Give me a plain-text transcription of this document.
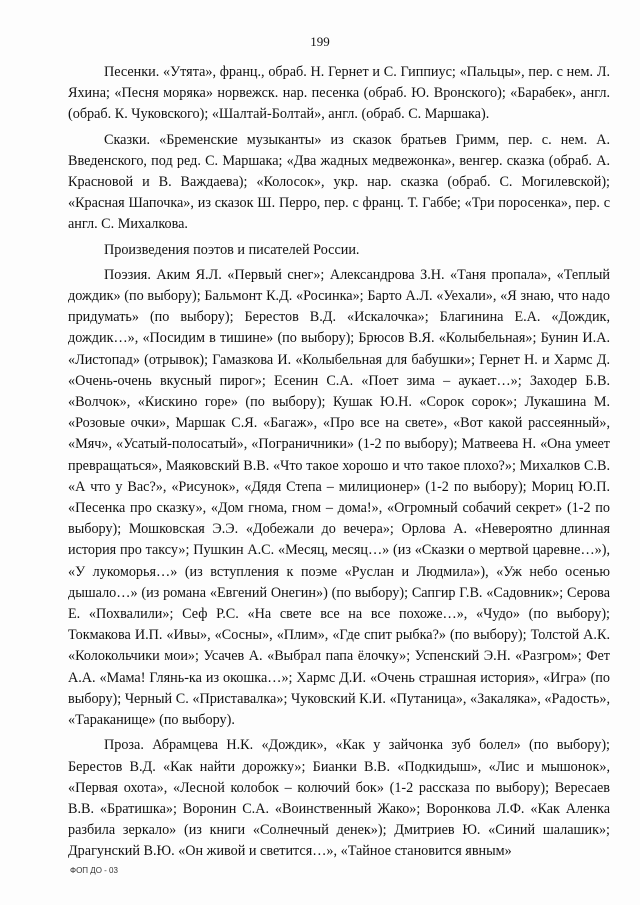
199

Песенки. «Утята», франц., обраб. Н. Гернет и С. Гиппиус; «Пальцы», пер. с нем. Л. Яхина; «Песня моряка» норвежск. нар. песенка (обраб. Ю. Вронского); «Барабек», англ. (обраб. К. Чуковского); «Шалтай-Болтай», англ. (обраб. С. Маршака).

Сказки. «Бременские музыканты» из сказок братьев Гримм, пер. с. нем. А. Введенского, под ред. С. Маршака; «Два жадных медвежонка», венгер. сказка (обраб. А. Красновой и В. Важдаева); «Колосок», укр. нар. сказка (обраб. С. Могилевской); «Красная Шапочка», из сказок Ш. Перро, пер. с франц. Т. Габбе; «Три поросенка», пер. с англ. С. Михалкова.

Произведения поэтов и писателей России.

Поэзия. Аким Я.Л. «Первый снег»; Александрова З.Н. «Таня пропала», «Теплый дождик» (по выбору); Бальмонт К.Д. «Росинка»; Барто А.Л. «Уехали», «Я знаю, что надо придумать» (по выбору); Берестов В.Д. «Искалочка»; Благинина Е.А. «Дождик, дождик…», «Посидим в тишине» (по выбору); Брюсов В.Я. «Колыбельная»; Бунин И.А. «Листопад» (отрывок); Гамазкова И. «Колыбельная для бабушки»; Гернет Н. и Хармс Д. «Очень-очень вкусный пирог»; Есенин С.А. «Поет зима – аукает…»; Заходер Б.В. «Волчок», «Кискино горе» (по выбору); Кушак Ю.Н. «Сорок сорок»; Лукашина М. «Розовые очки», Маршак С.Я. «Багаж», «Про все на свете», «Вот какой рассеянный», «Мяч», «Усатый-полосатый», «Пограничники» (1-2 по выбору); Матвеева Н. «Она умеет превращаться», Маяковский В.В. «Что такое хорошо и что такое плохо?»; Михалков С.В. «А что у Вас?», «Рисунок», «Дядя Степа – милиционер» (1-2 по выбору); Мориц Ю.П. «Песенка про сказку», «Дом гнома, гном – дома!», «Огромный собачий секрет» (1-2 по выбору); Мошковская Э.Э. «Добежали до вечера»; Орлова А. «Невероятно длинная история про таксу»; Пушкин А.С. «Месяц, месяц…» (из «Сказки о мертвой царевне…»), «У лукоморья…» (из вступления к поэме «Руслан и Людмила»), «Уж небо осенью дышало…» (из романа «Евгений Онегин») (по выбору); Сапгир Г.В. «Садовник»; Серова Е. «Похвалили»; Сеф Р.С. «На свете все на все похоже…», «Чудо» (по выбору); Токмакова И.П. «Ивы», «Сосны», «Плим», «Где спит рыбка?» (по выбору); Толстой А.К. «Колокольчики мои»; Усачев А. «Выбрал папа ёлочку»; Успенский Э.Н. «Разгром»; Фет А.А. «Мама! Глянь-ка из окошка…»; Хармс Д.И. «Очень страшная история», «Игра» (по выбору); Черный С. «Приставалка»; Чуковский К.И. «Путаница», «Закаляка», «Радость», «Тараканище» (по выбору).

Проза. Абрамцева Н.К. «Дождик», «Как у зайчонка зуб болел» (по выбору); Берестов В.Д. «Как найти дорожку»; Бианки В.В. «Подкидыш», «Лис и мышонок», «Первая охота», «Лесной колобок – колючий бок» (1-2 рассказа по выбору); Вересаев В.В. «Братишка»; Воронин С.А. «Воинственный Жако»; Воронкова Л.Ф. «Как Аленка разбила зеркало» (из книги «Солнечный денек»); Дмитриев Ю. «Синий шалашик»; Драгунский В.Ю. «Он живой и светится…», «Тайное становится явным»

ФОП ДО - 03
